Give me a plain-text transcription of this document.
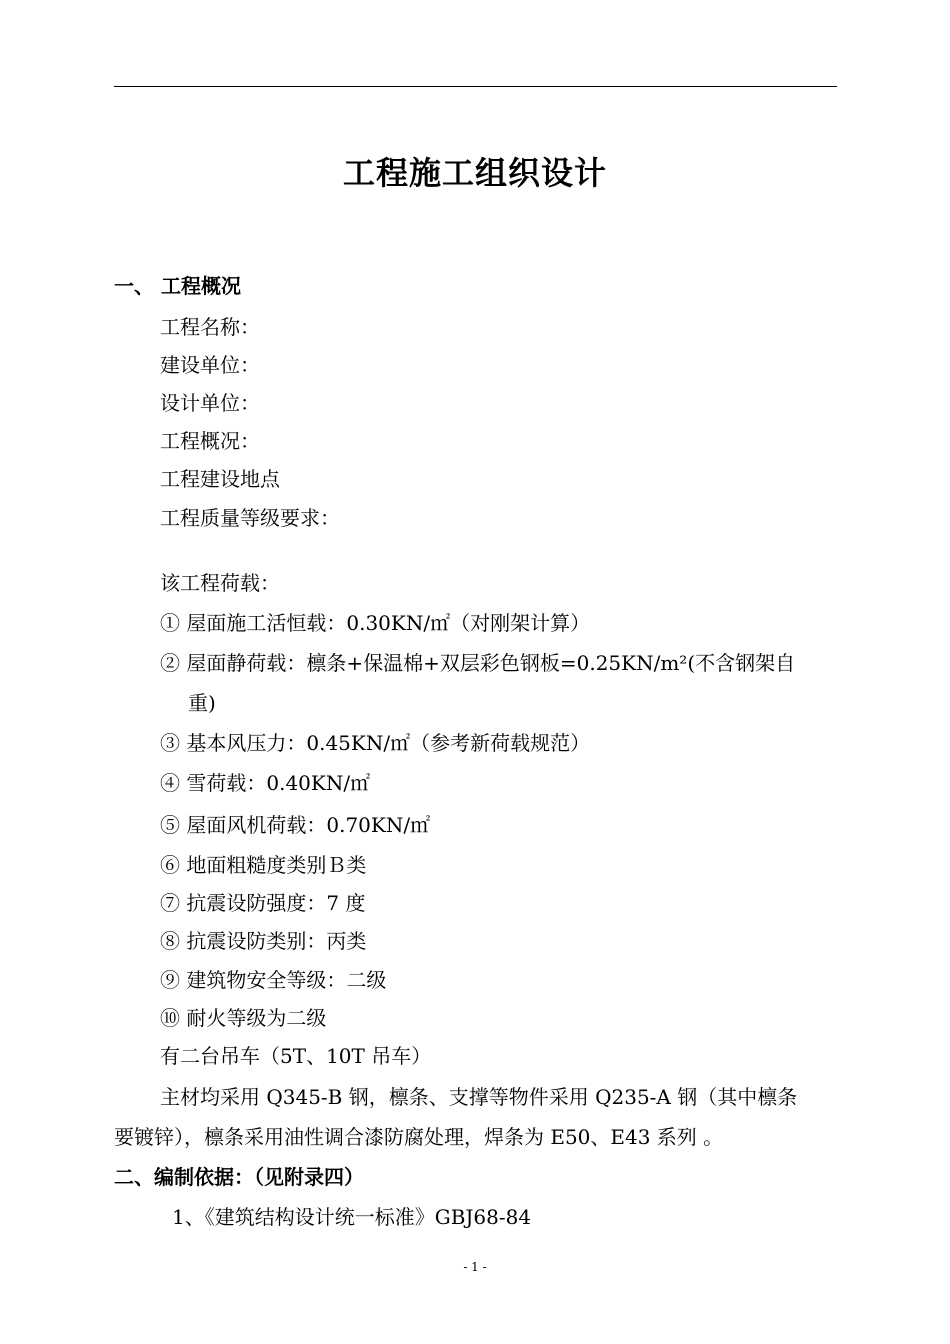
工程施工组织设计
一、 工程概况
工程名称：
建设单位：
设计单位：
工程概况：
工程建设地点
工程质量等级要求：
该工程荷载：
① 屋面施工活恒载：0.30KN/㎡（对刚架计算）
② 屋面静荷载：檩条+保温棉+双层彩色钢板=0.25KN/m²(不含钢架自
重)
③ 基本风压力：0.45KN/㎡（参考新荷载规范）
④ 雪荷载：0.40KN/㎡
⑤ 屋面风机荷载：0.70KN/㎡
⑥ 地面粗糙度类别Ｂ类
⑦ 抗震设防强度：7 度
⑧ 抗震设防类别：丙类
⑨ 建筑物安全等级：二级
⑩ 耐火等级为二级
有二台吊车（5T、10T 吊车）
主材均采用 Q345-B 钢，檩条、支撑等物件采用 Q235-A 钢（其中檩条
要镀锌），檩条采用油性调合漆防腐处理，焊条为 E50、E43 系列 。
二、编制依据：（见附录四）
1、《建筑结构设计统一标准》GBJ68-84
- 1 -
